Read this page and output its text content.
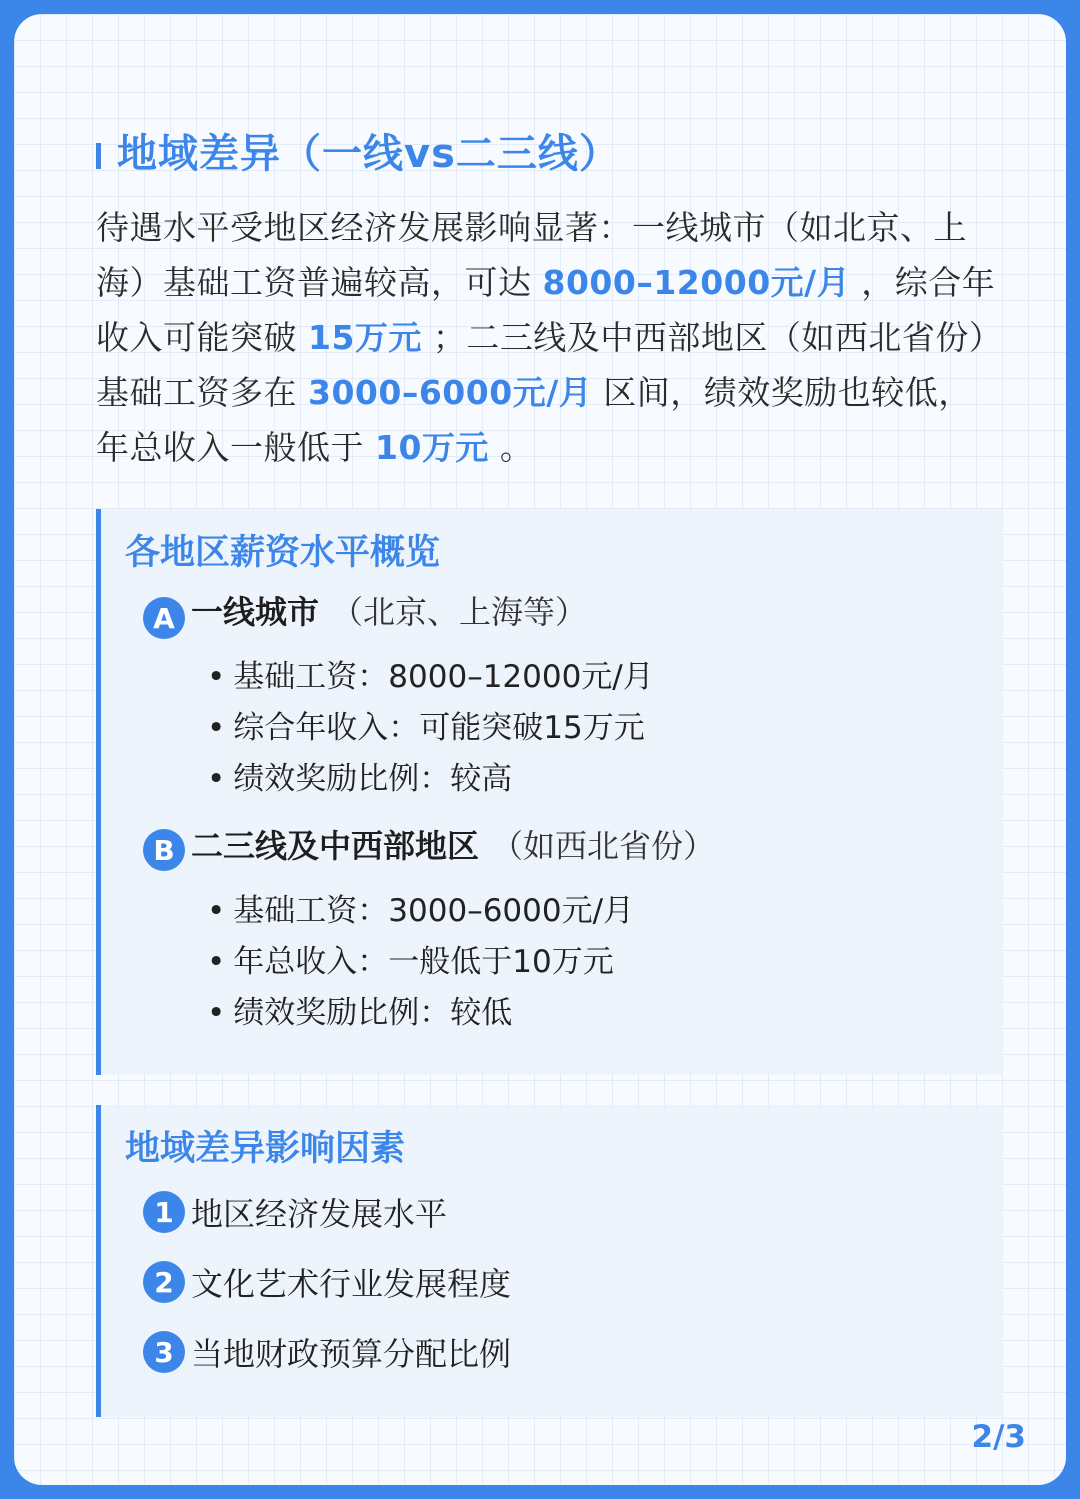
地域差异（一线vs二三线）
待遇水平受地区经济发展影响显著：一线城市（如北京、上海）基础工资普遍较高，可达 8000–12000元/月 ，综合年收入可能突破 15万元 ；二三线及中西部地区（如西北省份）基础工资多在 3000–6000元/月 区间，绩效奖励也较低，年总收入一般低于 10万元 。
各地区薪资水平概览
A 一线城市 （北京、上海等）
• 基础工资：8000–12000元/月
• 综合年收入：可能突破15万元
• 绩效奖励比例：较高
B 二三线及中西部地区 （如西北省份）
• 基础工资：3000–6000元/月
• 年总收入：一般低于10万元
• 绩效奖励比例：较低
地域差异影响因素
1 地区经济发展水平
2 文化艺术行业发展程度
3 当地财政预算分配比例
2/3
